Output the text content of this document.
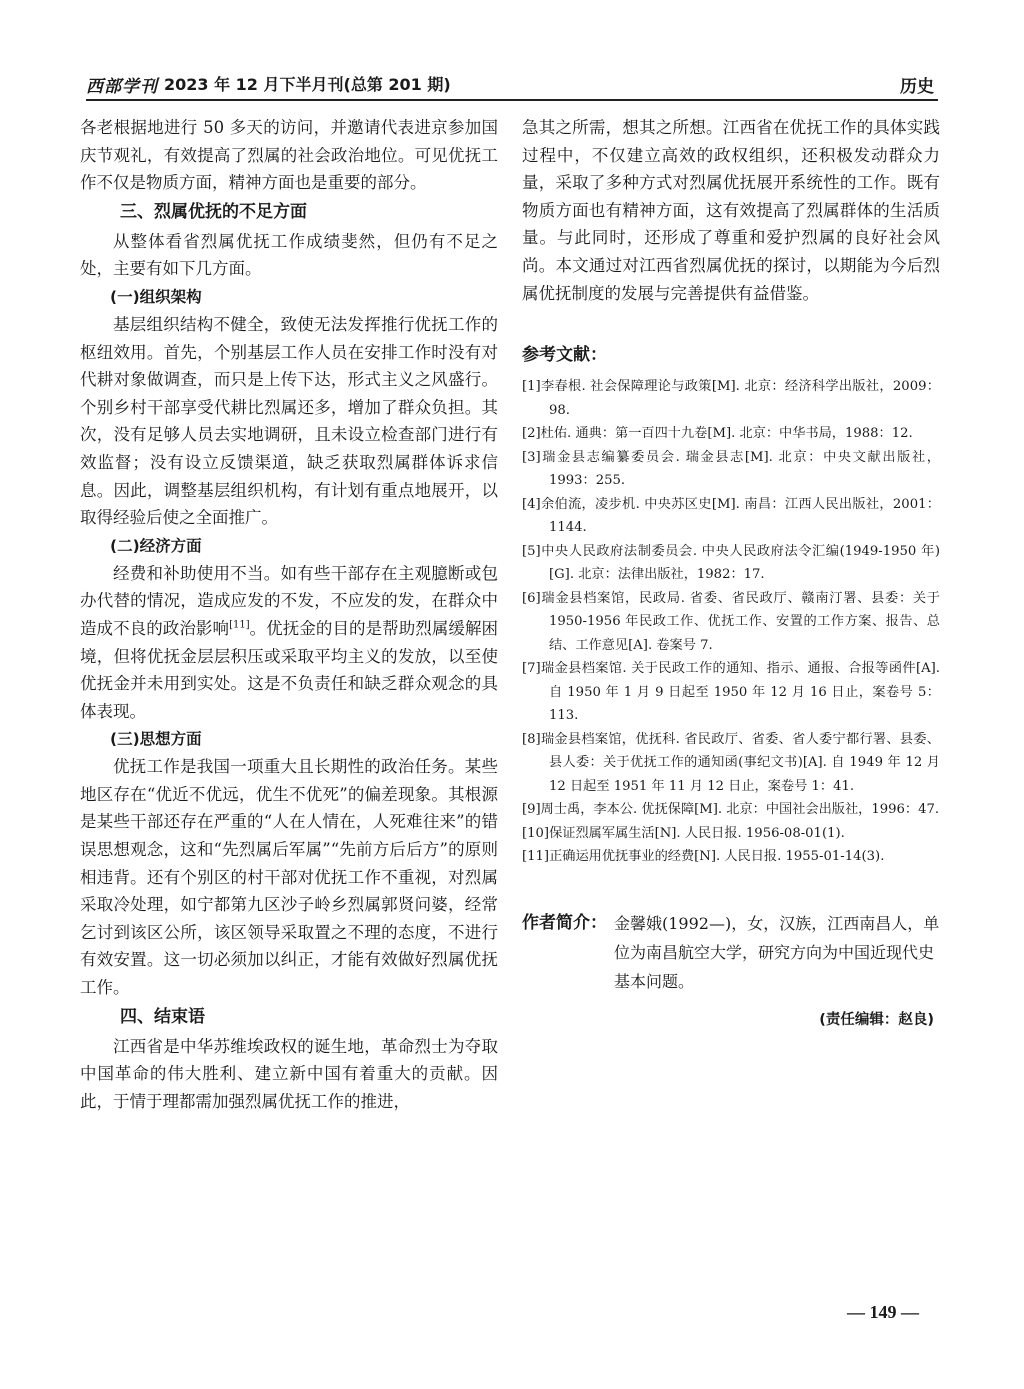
西部学刊 2023 年 12 月下半月刊(总第 201 期)	历史

各老根据地进行 50 多天的访问，并邀请代表进京参加国庆节观礼，有效提高了烈属的社会政治地位。可见优抚工作不仅是物质方面，精神方面也是重要的部分。

三、烈属优抚的不足方面

从整体看省烈属优抚工作成绩斐然，但仍有不足之处，主要有如下几方面。

(一)组织架构

基层组织结构不健全，致使无法发挥推行优抚工作的枢纽效用。首先，个别基层工作人员在安排工作时没有对代耕对象做调查，而只是上传下达，形式主义之风盛行。个别乡村干部享受代耕比烈属还多，增加了群众负担。其次，没有足够人员去实地调研，且未设立检查部门进行有效监督；没有设立反馈渠道，缺乏获取烈属群体诉求信息。因此，调整基层组织机构，有计划有重点地展开，以取得经验后使之全面推广。

(二)经济方面

经费和补助使用不当。如有些干部存在主观臆断或包办代替的情况，造成应发的不发，不应发的发，在群众中造成不良的政治影响[11]。优抚金的目的是帮助烈属缓解困境，但将优抚金层层积压或采取平均主义的发放，以至使优抚金并未用到实处。这是不负责任和缺乏群众观念的具体表现。

(三)思想方面

优抚工作是我国一项重大且长期性的政治任务。某些地区存在“优近不优远，优生不优死”的偏差现象。其根源是某些干部还存在严重的“人在人情在，人死难往来”的错误思想观念，这和“先烈属后军属”“先前方后后方”的原则相违背。还有个别区的村干部对优抚工作不重视，对烈属采取冷处理，如宁都第九区沙子岭乡烈属郭贤问婆，经常乞讨到该区公所，该区领导采取置之不理的态度，不进行有效安置。这一切必须加以纠正，才能有效做好烈属优抚工作。

四、结束语

江西省是中华苏维埃政权的诞生地，革命烈士为夺取中国革命的伟大胜利、建立新中国有着重大的贡献。因此，于情于理都需加强烈属优抚工作的推进，

急其之所需，想其之所想。江西省在优抚工作的具体实践过程中，不仅建立高效的政权组织，还积极发动群众力量，采取了多种方式对烈属优抚展开系统性的工作。既有物质方面也有精神方面，这有效提高了烈属群体的生活质量。与此同时，还形成了尊重和爱护烈属的良好社会风尚。本文通过对江西省烈属优抚的探讨，以期能为今后烈属优抚制度的发展与完善提供有益借鉴。

参考文献：

[1]李春根. 社会保障理论与政策[M]. 北京：经济科学出版社，2009：98.

[2]杜佑. 通典：第一百四十九卷[M]. 北京：中华书局，1988：12.

[3]瑞金县志编纂委员会. 瑞金县志[M]. 北京：中央文献出版社，1993：255.

[4]余伯流，凌步机. 中央苏区史[M]. 南昌：江西人民出版社，2001：1144.

[5]中央人民政府法制委员会. 中央人民政府法令汇编(1949-1950 年)[G]. 北京：法律出版社，1982：17.

[6]瑞金县档案馆，民政局. 省委、省民政厅、赣南汀署、县委：关于 1950-1956 年民政工作、优抚工作、安置的工作方案、报告、总结、工作意见[A]. 卷案号 7.

[7]瑞金县档案馆. 关于民政工作的通知、指示、通报、合报等函件[A]. 自 1950 年 1 月 9 日起至 1950 年 12 月 16 日止，案卷号 5：113.

[8]瑞金县档案馆，优抚科. 省民政厅、省委、省人委宁都行署、县委、县人委：关于优抚工作的通知函(事纪文书)[A]. 自 1949 年 12 月 12 日起至 1951 年 11 月 12 日止，案卷号 1：41.

[9]周士禹，李本公. 优抚保障[M]. 北京：中国社会出版社，1996：47.

[10]保证烈属军属生活[N]. 人民日报. 1956-08-01(1).

[11]正确运用优抚事业的经费[N]. 人民日报. 1955-01-14(3).

作者简介： 金馨娥(1992—)，女，汉族，江西南昌人，单位为南昌航空大学，研究方向为中国近现代史基本问题。
(责任编辑：赵良)
— 149 —
